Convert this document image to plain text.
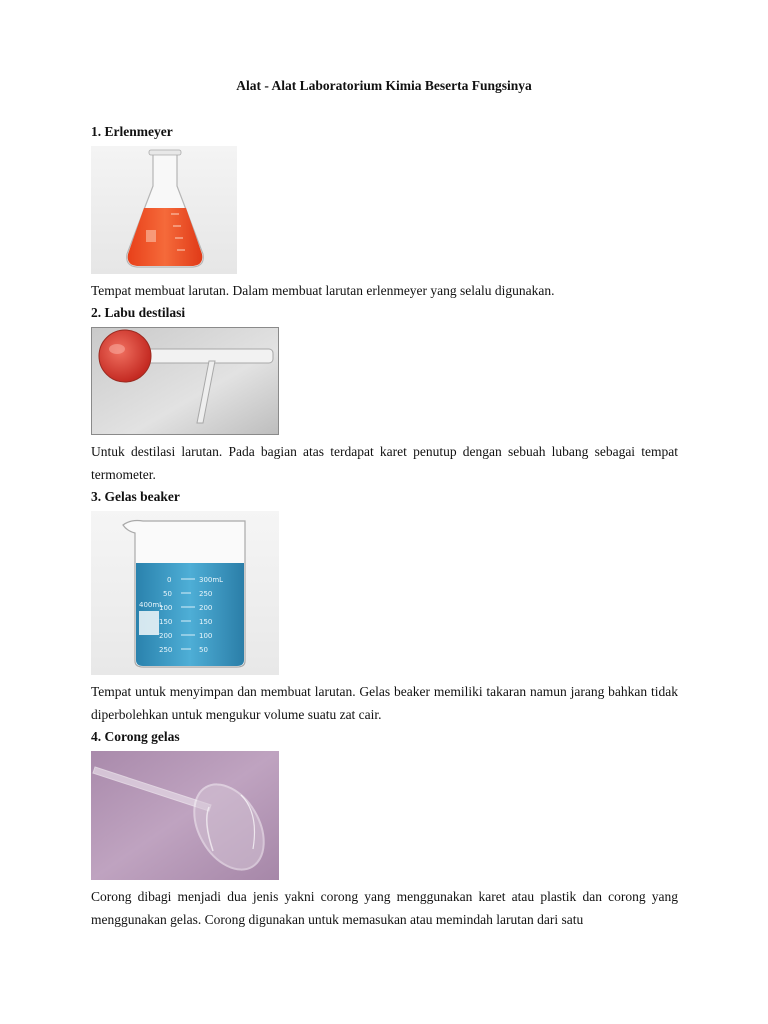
Alat - Alat Laboratorium Kimia Beserta Fungsinya
1. Erlenmeyer
Tempat membuat larutan. Dalam membuat larutan erlenmeyer yang selalu digunakan.
2. Labu destilasi
Untuk destilasi larutan. Pada bagian atas terdapat karet penutup dengan sebuah lubang sebagai tempat termometer.
3. Gelas beaker
400mL
0
50
100
150
200
250
300mL
250
200
150
100
50
Tempat untuk menyimpan dan membuat larutan. Gelas beaker memiliki takaran namun jarang bahkan tidak diperbolehkan untuk mengukur volume suatu zat cair.
4. Corong gelas
Corong dibagi menjadi dua jenis yakni corong yang menggunakan karet atau plastik dan corong yang menggunakan gelas. Corong digunakan untuk memasukan atau memindah larutan dari satu
